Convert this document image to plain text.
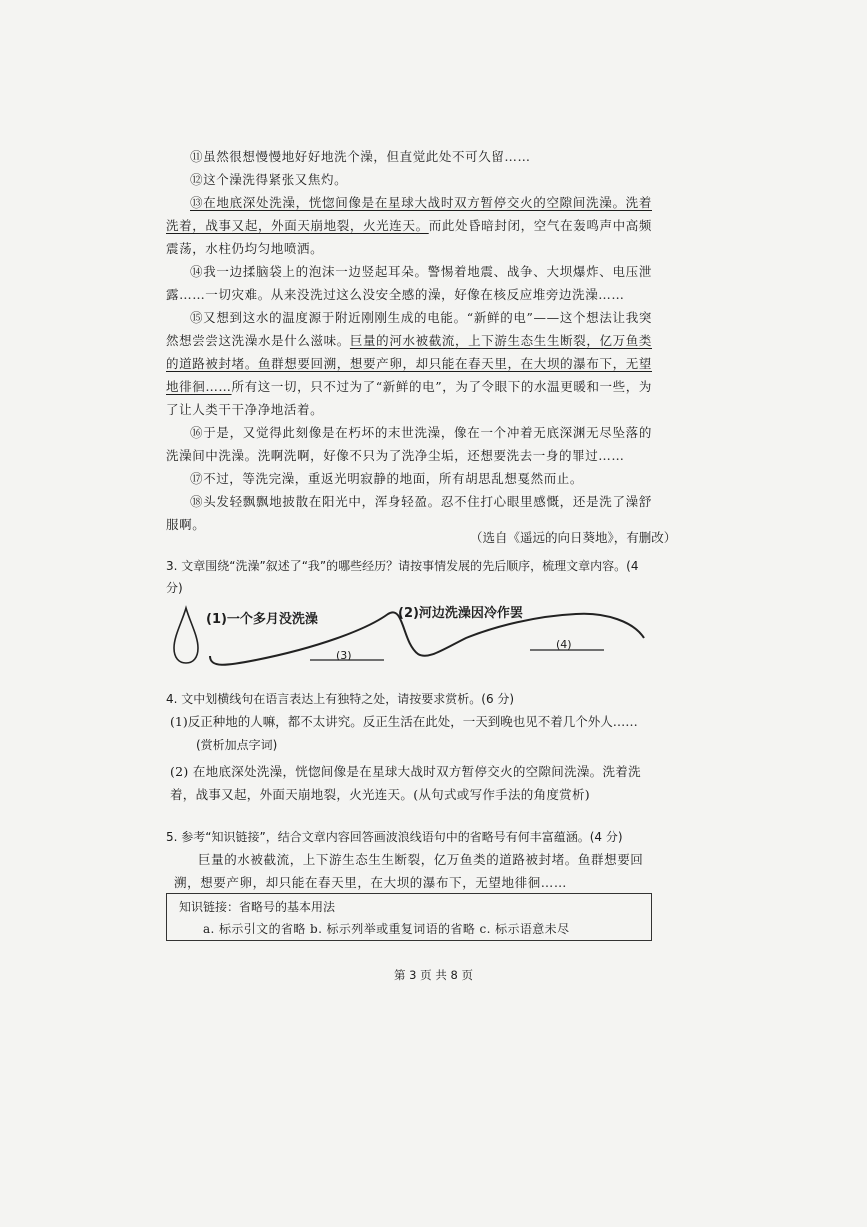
⑪虽然很想慢慢地好好地洗个澡，但直觉此处不可久留……

⑫这个澡洗得紧张又焦灼。

⑬在地底深处洗澡，恍惚间像是在星球大战时双方暂停交火的空隙间洗澡。洗着洗着，战事又起，外面天崩地裂，火光连天。而此处昏暗封闭，空气在轰鸣声中高频震荡，水柱仍均匀地喷洒。

⑭我一边揉脑袋上的泡沫一边竖起耳朵。警惕着地震、战争、大坝爆炸、电压泄露……一切灾难。从来没洗过这么没安全感的澡，好像在核反应堆旁边洗澡……

⑮又想到这水的温度源于附近刚刚生成的电能。“新鲜的电”——这个想法让我突然想尝尝这洗澡水是什么滋味。巨量的河水被截流，上下游生态生生断裂，亿万鱼类的道路被封堵。鱼群想要回溯，想要产卵，却只能在春天里，在大坝的瀑布下，无望地徘徊……所有这一切，只不过为了“新鲜的电”，为了令眼下的水温更暖和一些，为了让人类干干净净地活着。

⑯于是，又觉得此刻像是在朽坏的末世洗澡，像在一个冲着无底深渊无尽坠落的洗澡间中洗澡。洗啊洗啊，好像不只为了洗净尘垢，还想要洗去一身的罪过……

⑰不过，等洗完澡，重返光明寂静的地面，所有胡思乱想戛然而止。

⑱头发轻飘飘地披散在阳光中，浑身轻盈。忍不住打心眼里感慨，还是洗了澡舒服啊。

（选自《遥远的向日葵地》，有删改）

3. 文章围绕“洗澡”叙述了“我”的哪些经历？请按事情发展的先后顺序，梳理文章内容。(4 分)

(1)一个多月没洗澡	(2)河边洗澡因冷作罢
(3)
(4)

4. 文中划横线句在语言表达上有独特之处，请按要求赏析。(6 分)

(1)反正种地的人嘛，都不太讲究。反正生活在此处，一天到晚也见不着几个外人……

(赏析加点字词)

(2) 在地底深处洗澡，恍惚间像是在星球大战时双方暂停交火的空隙间洗澡。洗着洗着，战事又起，外面天崩地裂，火光连天。(从句式或写作手法的角度赏析)

5. 参考“知识链接”，结合文章内容回答画波浪线语句中的省略号有何丰富蕴涵。(4 分)

巨量的水被截流，上下游生态生生断裂，亿万鱼类的道路被封堵。鱼群想要回溯，想要产卵，却只能在春天里，在大坝的瀑布下，无望地徘徊……

知识链接：省略号的基本用法
a. 标示引文的省略 b. 标示列举或重复词语的省略 c. 标示语意未尽
第 3 页 共 8 页
